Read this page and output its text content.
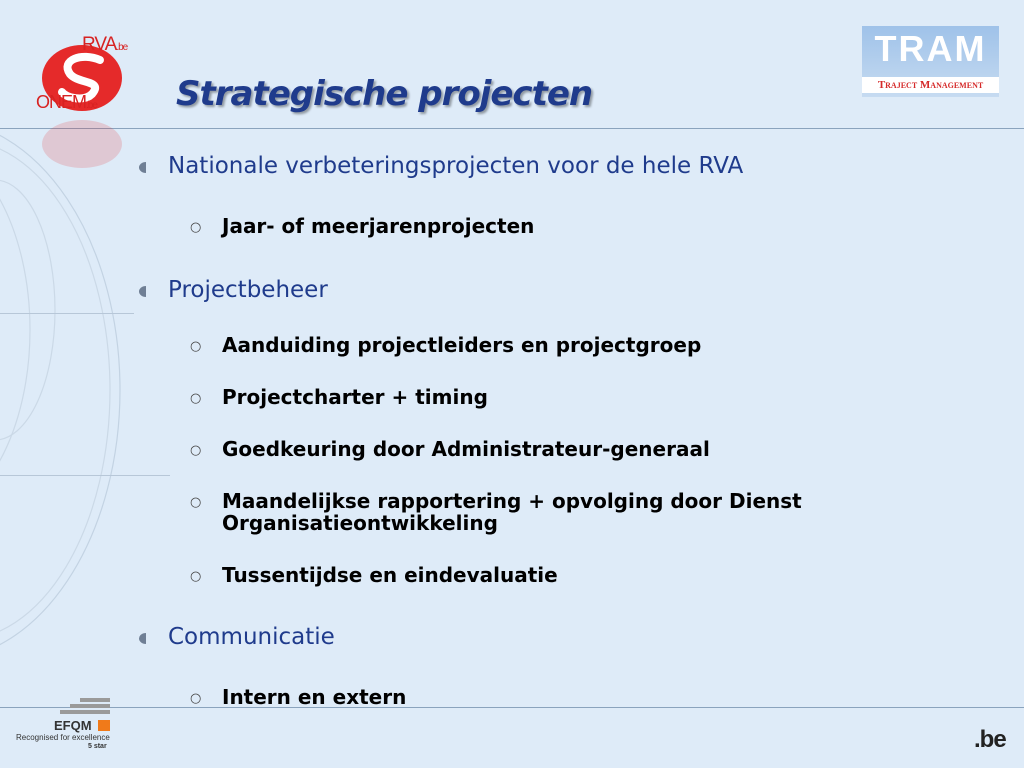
RVA.be
ONEM.be Strategische projecten
TRAM
Traject Management
Nationale verbeteringsprojecten voor de hele RVA
○ Jaar- of meerjarenprojecten
Projectbeheer
○ Aanduiding projectleiders en projectgroep
○ Projectcharter + timing
○ Goedkeuring door Administrateur-generaal
○ Maandelijkse rapportering + opvolging door Dienst Organisatieontwikkeling
○ Tussentijdse en eindevaluatie
Communicatie
○ Intern en extern
EFQM
Recognised for excellence
5 star	.be
